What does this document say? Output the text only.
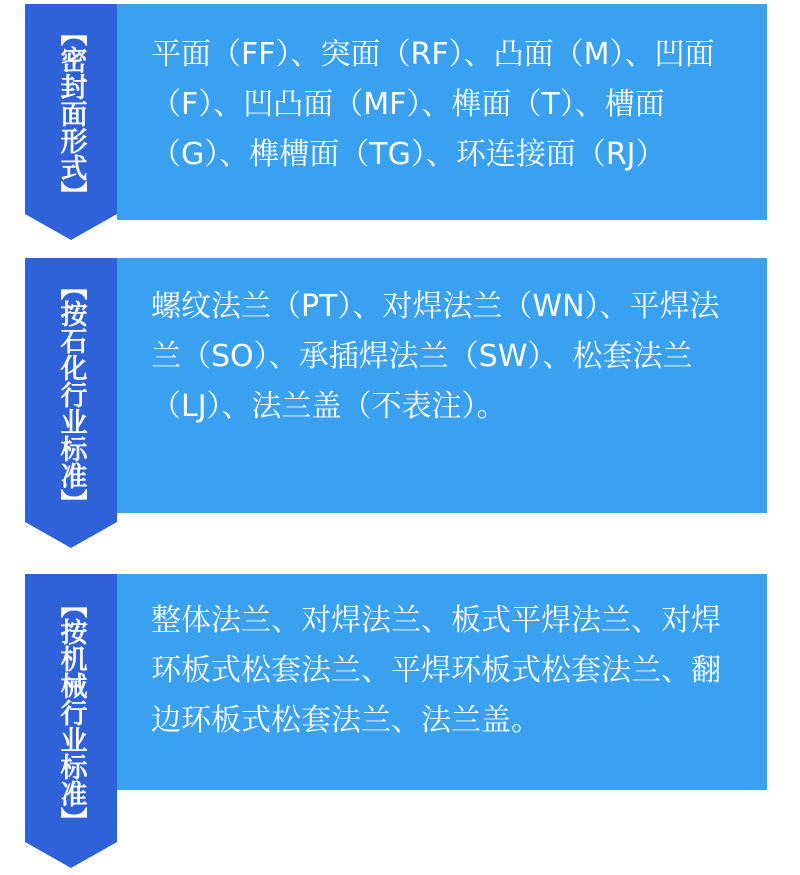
【密封面形式】	平面（FF）、突面（RF）、凸面（M）、凹面（F）、凹凸面（MF）、榫面（T）、槽面（G）、榫槽面（TG）、环连接面（RJ）

【按石化行业标准】	螺纹法兰（PT）、对焊法兰（WN）、平焊法兰（SO）、承插焊法兰（SW）、松套法兰（LJ）、法兰盖（不表注）。

【按机械行业标准】	整体法兰、对焊法兰、板式平焊法兰、对焊环板式松套法兰、平焊环板式松套法兰、翻边环板式松套法兰、法兰盖。
